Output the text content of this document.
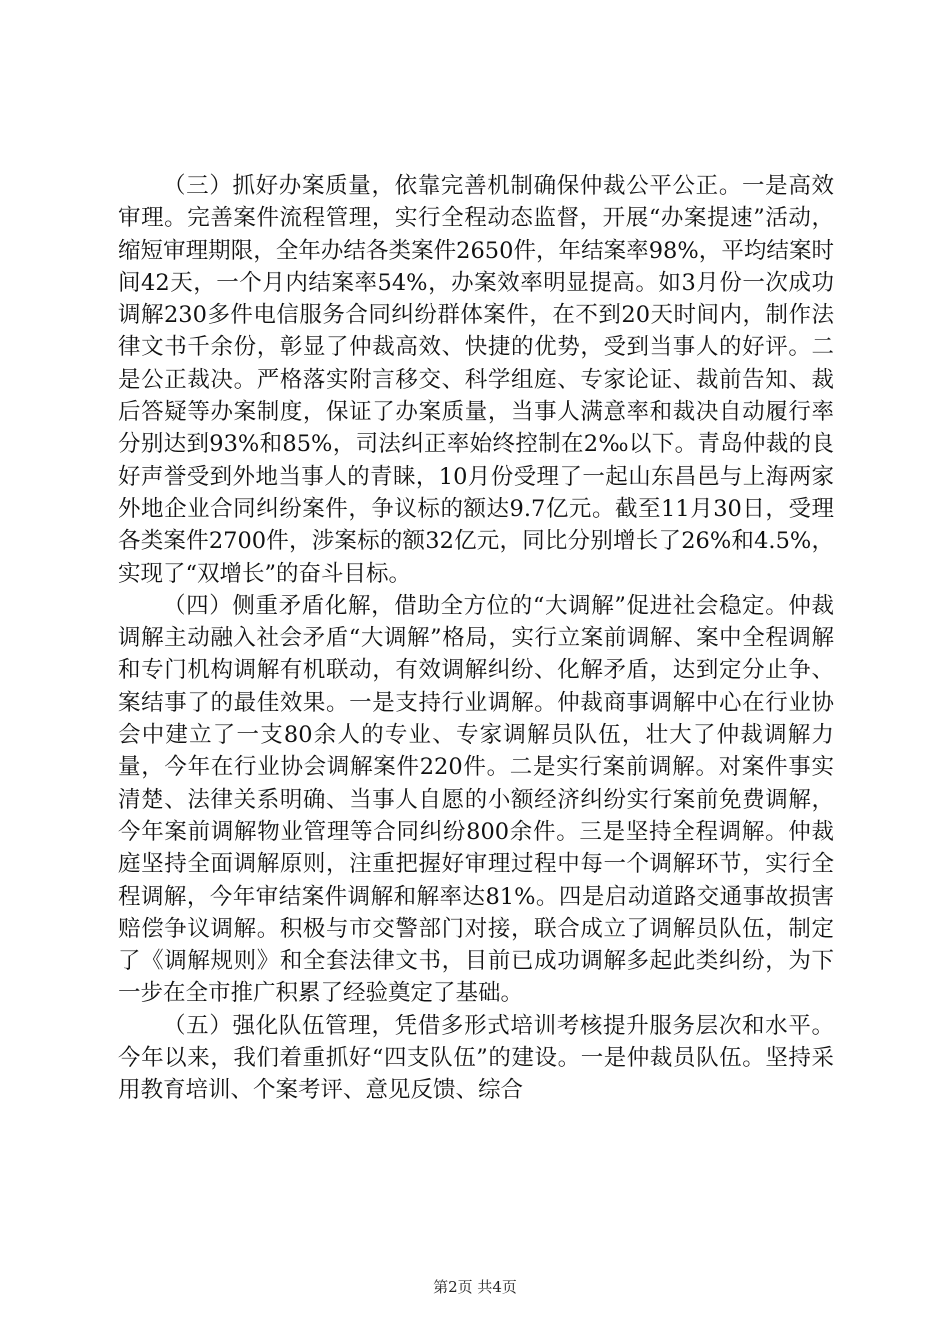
（三）抓好办案质量，依靠完善机制确保仲裁公平公正。一是高效审理。完善案件流程管理，实行全程动态监督，开展“办案提速”活动，缩短审理期限，全年办结各类案件2650件，年结案率98%，平均结案时间42天，一个月内结案率54%，办案效率明显提高。如3月份一次成功调解230多件电信服务合同纠纷群体案件，在不到20天时间内，制作法律文书千余份，彰显了仲裁高效、快捷的优势，受到当事人的好评。二是公正裁决。严格落实附言移交、科学组庭、专家论证、裁前告知、裁后答疑等办案制度，保证了办案质量，当事人满意率和裁决自动履行率分别达到93%和85%，司法纠正率始终控制在2‰以下。青岛仲裁的良好声誉受到外地当事人的青睐，10月份受理了一起山东昌邑与上海两家外地企业合同纠纷案件，争议标的额达9.7亿元。截至11月30日，受理各类案件2700件，涉案标的额32亿元，同比分别增长了26%和4.5%，实现了“双增长”的奋斗目标。

（四）侧重矛盾化解，借助全方位的“大调解”促进社会稳定。仲裁调解主动融入社会矛盾“大调解”格局，实行立案前调解、案中全程调解和专门机构调解有机联动，有效调解纠纷、化解矛盾，达到定分止争、案结事了的最佳效果。一是支持行业调解。仲裁商事调解中心在行业协会中建立了一支80余人的专业、专家调解员队伍，壮大了仲裁调解力量，今年在行业协会调解案件220件。二是实行案前调解。对案件事实清楚、法律关系明确、当事人自愿的小额经济纠纷实行案前免费调解，今年案前调解物业管理等合同纠纷800余件。三是坚持全程调解。仲裁庭坚持全面调解原则，注重把握好审理过程中每一个调解环节，实行全程调解，今年审结案件调解和解率达81%。四是启动道路交通事故损害赔偿争议调解。积极与市交警部门对接，联合成立了调解员队伍，制定了《调解规则》和全套法律文书，目前已成功调解多起此类纠纷，为下一步在全市推广积累了经验奠定了基础。

（五）强化队伍管理，凭借多形式培训考核提升服务层次和水平。今年以来，我们着重抓好“四支队伍”的建设。一是仲裁员队伍。坚持采用教育培训、个案考评、意见反馈、综合

第2页 共4页
